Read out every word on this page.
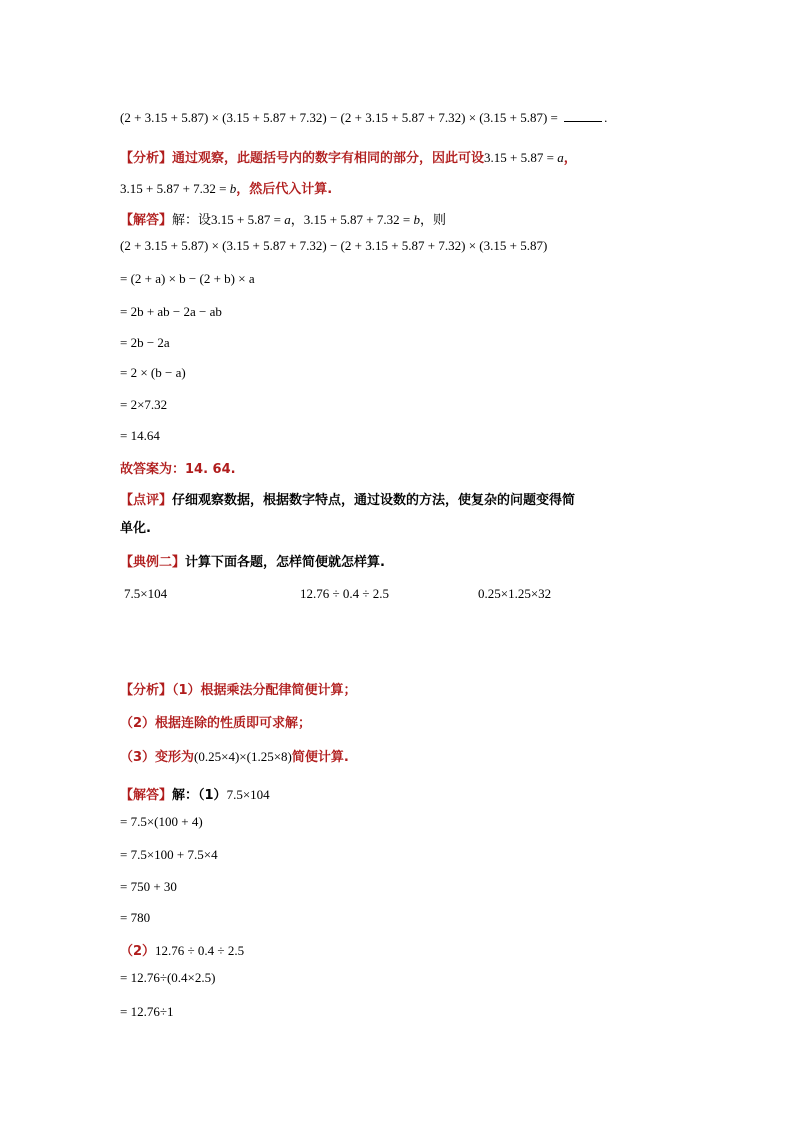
(2 + 3.15 + 5.87) × (3.15 + 5.87 + 7.32) − (2 + 3.15 + 5.87 + 7.32) × (3.15 + 5.87) =	.
【分析】通过观察，此题括号内的数字有相同的部分，因此可设3.15 + 5.87 = a，
3.15 + 5.87 + 7.32 = b，然后代入计算.
【解答】解：设3.15 + 5.87 = a，3.15 + 5.87 + 7.32 = b，则
(2 + 3.15 + 5.87) × (3.15 + 5.87 + 7.32) − (2 + 3.15 + 5.87 + 7.32) × (3.15 + 5.87)
= (2 + a) × b − (2 + b) × a
= 2b + ab − 2a − ab
= 2b − 2a
= 2 × (b − a)
= 2×7.32
= 14.64
故答案为：14. 64.
【点评】仔细观察数据，根据数字特点，通过设数的方法，使复杂的问题变得简
单化.
【典例二】计算下面各题，怎样简便就怎样算.
7.5×104	12.76 ÷ 0.4 ÷ 2.5	0.25×1.25×32
【分析】（1）根据乘法分配律简便计算；
（2）根据连除的性质即可求解；
（3）变形为(0.25×4)×(1.25×8)简便计算.
【解答】解：（1）7.5×104
= 7.5×(100 + 4)
= 7.5×100 + 7.5×4
= 750 + 30
= 780
（2）12.76 ÷ 0.4 ÷ 2.5
= 12.76÷(0.4×2.5)
= 12.76÷1
